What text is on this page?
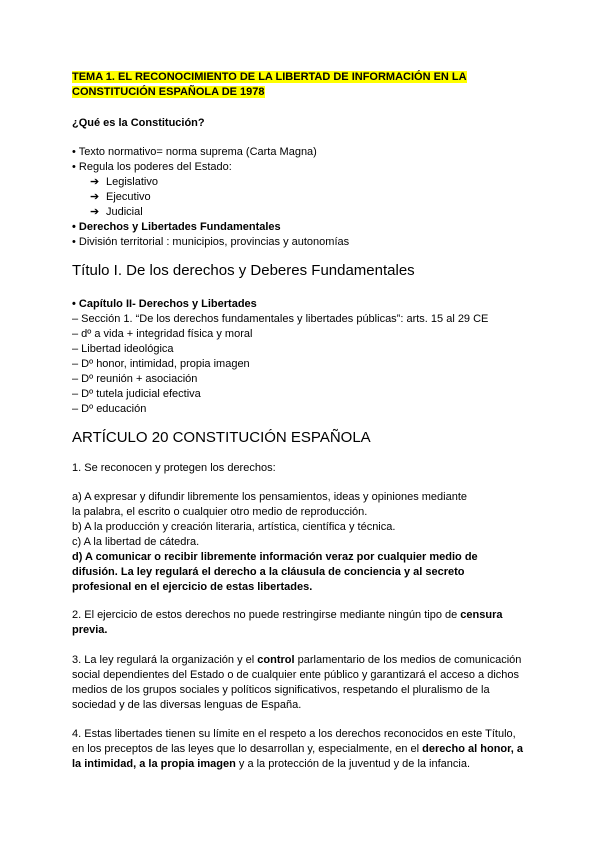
TEMA 1. EL RECONOCIMIENTO DE LA LIBERTAD DE INFORMACIÓN EN LA
CONSTITUCIÓN ESPAÑOLA DE 1978
¿Qué es la Constitución?
• Texto normativo= norma suprema (Carta Magna)
• Regula los poderes del Estado:
➔ Legislativo
➔ Ejecutivo
➔ Judicial
• Derechos y Libertades Fundamentales
• División territorial : municipios, provincias y autonomías
Título I. De los derechos y Deberes Fundamentales
• Capítulo II- Derechos y Libertades
– Sección 1. “De los derechos fundamentales y libertades públicas”: arts. 15 al 29 CE
– dº a vida + integridad física y moral
– Libertad ideológica
– Dº honor, intimidad, propia imagen
– Dº reunión + asociación
– Dº tutela judicial efectiva
– Dº educación
ARTÍCULO 20 CONSTITUCIÓN ESPAÑOLA
1. Se reconocen y protegen los derechos:
a) A expresar y difundir libremente los pensamientos, ideas y opiniones mediante
la palabra, el escrito o cualquier otro medio de reproducción.
b) A la producción y creación literaria, artística, científica y técnica.
c) A la libertad de cátedra.
d) A comunicar o recibir libremente información veraz por cualquier medio de
difusión. La ley regulará el derecho a la cláusula de conciencia y al secreto
profesional en el ejercicio de estas libertades.
2. El ejercicio de estos derechos no puede restringirse mediante ningún tipo de censura
previa.
3. La ley regulará la organización y el control parlamentario de los medios de comunicación
social dependientes del Estado o de cualquier ente público y garantizará el acceso a dichos
medios de los grupos sociales y políticos significativos, respetando el pluralismo de la
sociedad y de las diversas lenguas de España.
4. Estas libertades tienen su límite en el respeto a los derechos reconocidos en este Título,
en los preceptos de las leyes que lo desarrollan y, especialmente, en el derecho al honor, a
la intimidad, a la propia imagen y a la protección de la juventud y de la infancia.
